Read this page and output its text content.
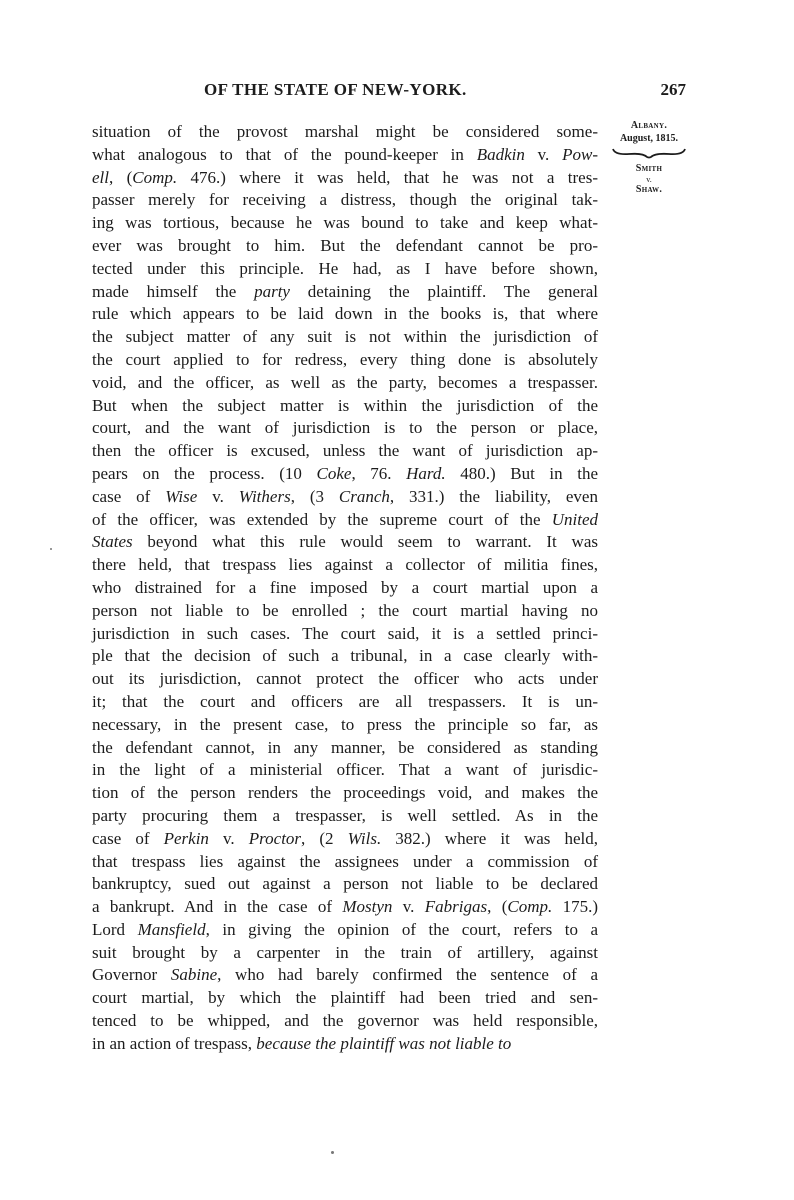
OF THE STATE OF NEW-YORK.	267
Albany.
August, 1815.
Smith
v.
Shaw.
situation of the provost marshal might be considered some-
what analogous to that of the pound-keeper in Badkin v. Pow-
ell, (Comp. 476.) where it was held, that he was not a tres-
passer merely for receiving a distress, though the original tak-
ing was tortious, because he was bound to take and keep what-
ever was brought to him. But the defendant cannot be pro-
tected under this principle. He had, as I have before shown,
made himself the party detaining the plaintiff. The general
rule which appears to be laid down in the books is, that where
the subject matter of any suit is not within the jurisdiction of
the court applied to for redress, every thing done is absolutely
void, and the officer, as well as the party, becomes a trespasser.
But when the subject matter is within the jurisdiction of the
court, and the want of jurisdiction is to the person or place,
then the officer is excused, unless the want of jurisdiction ap-
pears on the process. (10 Coke, 76. Hard. 480.) But in the
case of Wise v. Withers, (3 Cranch, 331.) the liability, even
of the officer, was extended by the supreme court of the United
States beyond what this rule would seem to warrant. It was
there held, that trespass lies against a collector of militia fines,
who distrained for a fine imposed by a court martial upon a
person not liable to be enrolled ; the court martial having no
jurisdiction in such cases. The court said, it is a settled princi-
ple that the decision of such a tribunal, in a case clearly with-
out its jurisdiction, cannot protect the officer who acts under
it; that the court and officers are all trespassers. It is un-
necessary, in the present case, to press the principle so far, as
the defendant cannot, in any manner, be considered as standing
in the light of a ministerial officer. That a want of jurisdic-
tion of the person renders the proceedings void, and makes the
party procuring them a trespasser, is well settled. As in the
case of Perkin v. Proctor, (2 Wils. 382.) where it was held,
that trespass lies against the assignees under a commission of
bankruptcy, sued out against a person not liable to be declared
a bankrupt. And in the case of Mostyn v. Fabrigas, (Comp. 175.)
Lord Mansfield, in giving the opinion of the court, refers to a
suit brought by a carpenter in the train of artillery, against
Governor Sabine, who had barely confirmed the sentence of a
court martial, by which the plaintiff had been tried and sen-
tenced to be whipped, and the governor was held responsible,
in an action of trespass, because the plaintiff was not liable to
